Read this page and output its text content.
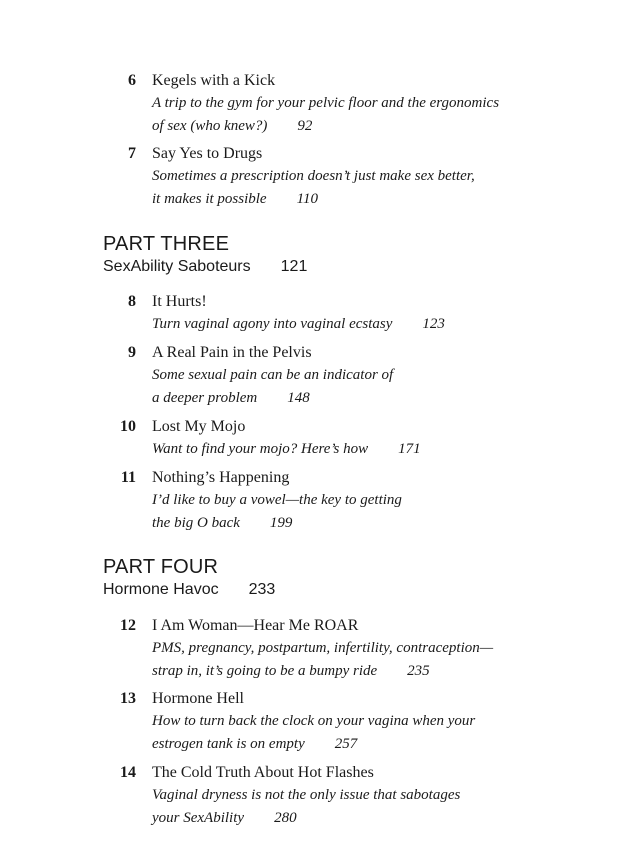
6 Kegels with a Kick
A trip to the gym for your pelvic floor and the ergonomics
of sex (who knew?) 92
7 Say Yes to Drugs
Sometimes a prescription doesn’t just make sex better,
it makes it possible 110
PART THREE
SexAbility Saboteurs 121
8 It Hurts!
Turn vaginal agony into vaginal ecstasy 123
9 A Real Pain in the Pelvis
Some sexual pain can be an indicator of
a deeper problem 148
10 Lost My Mojo
Want to find your mojo? Here’s how 171
11 Nothing’s Happening
I’d like to buy a vowel—the key to getting
the big O back 199
PART FOUR
Hormone Havoc 233
12 I Am Woman—Hear Me ROAR
PMS, pregnancy, postpartum, infertility, contraception—
strap in, it’s going to be a bumpy ride 235
13 Hormone Hell
How to turn back the clock on your vagina when your
estrogen tank is on empty 257
14 The Cold Truth About Hot Flashes
Vaginal dryness is not the only issue that sabotages
your SexAbility 280
